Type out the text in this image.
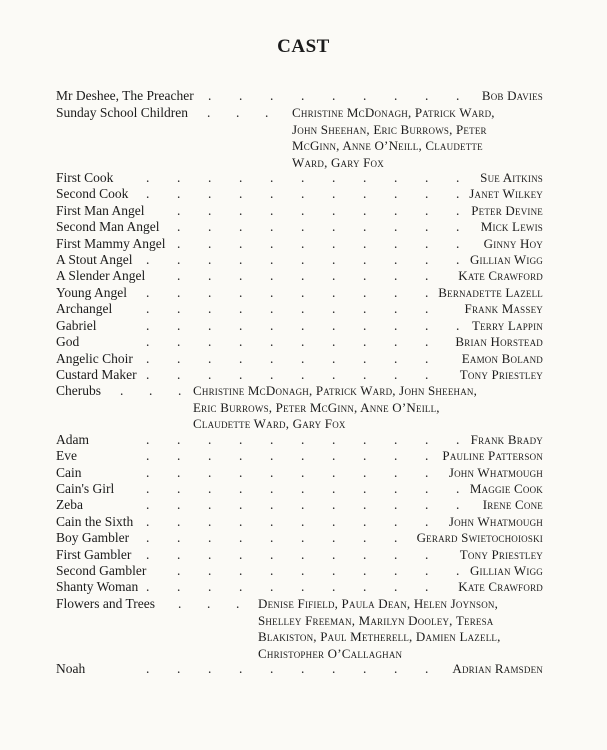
CAST
Mr Deshee, The Preacher	Bob Davies
. . . . . . . . .
Sunday School Children . . . Christine McDonagh, Patrick Ward,
John Sheehan, Eric Burrows, Peter
McGinn, Anne O’Neill, Claudette
Ward, Gary Fox
First Cook	Sue Aitkins
. . . . . . . . . . .
Second Cook	Janet Wilkey
. . . . . . . . . . .
First Man Angel	Peter Devine
. . . . . . . . . .
Second Man Angel	Mick Lewis
. . . . . . . . . .
First Mammy Angel	Ginny Hoy
. . . . . . . . . .
A Stout Angel	Gillian Wigg
. . . . . . . . . . .
A Slender Angel	Kate Crawford
. . . . . . . . .
Young Angel	Bernadette Lazell
. . . . . . . . . .
Archangel	Frank Massey
. . . . . . . . . .
Gabriel	Terry Lappin
. . . . . . . . . . .
God	Brian Horstead
. . . . . . . . . .
Angelic Choir	Eamon Boland
. . . . . . . . . .
Custard Maker	Tony Priestley
. . . . . . . . . .
Cherubs . . . Christine McDonagh, Patrick Ward, John Sheehan,
Eric Burrows, Peter McGinn, Anne O’Neill,
Claudette Ward, Gary Fox
Adam	Frank Brady
. . . . . . . . . . .
Eve	Pauline Patterson
. . . . . . . . . .
Cain	John Whatmough
. . . . . . . . . .
Cain's Girl	Maggie Cook
. . . . . . . . . . .
Zeba	Irene Cone
. . . . . . . . . . .
Cain the Sixth	John Whatmough
. . . . . . . . . .
Boy Gambler	Gerard Swietochoioski
. . . . . . . . .
First Gambler	Tony Priestley
. . . . . . . . . .
Second Gambler	Gillian Wigg
. . . . . . . . . .
Shanty Woman	Kate Crawford
. . . . . . . . . .
Flowers and Trees . . . Denise Fifield, Paula Dean, Helen Joynson,
Shelley Freeman, Marilyn Dooley, Teresa
Blakiston, Paul Metherell, Damien Lazell,
Christopher O’Callaghan
Noah	Adrian Ramsden
. . . . . . . . . .
